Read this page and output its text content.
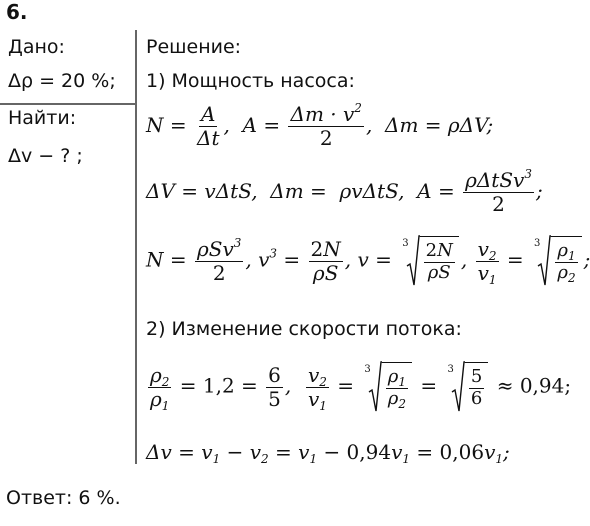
6.
Дано:
Δρ = 20 %;
Найти:
Δv − ? ;
Решение:
1) Мощность насоса:
2) Изменение скорости потока:
$N = \frac{A}{\Delta t}$ ,  $A = \frac{\Delta m \cdot v^2}{2}$ ,  Δm = ρΔV;
ΔV = vΔtS,  Δm =  ρvΔtS,  $A = \frac{\rho\Delta tSv^3}{2}$ ;
$N = \frac{\rho Sv^3}{2}$ , $v^3 = \frac{2N}{\rho S}$ , v =
$3 \frac{2N}{\rho S}$ , $\frac{v_2}{v_1}$ =
$3 \frac{\rho_1}{\rho_2}$ ;
$\frac{\rho_2}{\rho_1} = 1,2 = \frac{6}{5}$ , $\frac{v_2}{v_1}$ =
$3 \frac{\rho_1}{\rho_2}$ =
$3 \frac{5}{6} \approx 0,94$;
$\Delta v = v_1 - v_2 = v_1 - 0,94v_1 = 0,06v_1$;
Ответ: 6 %.
